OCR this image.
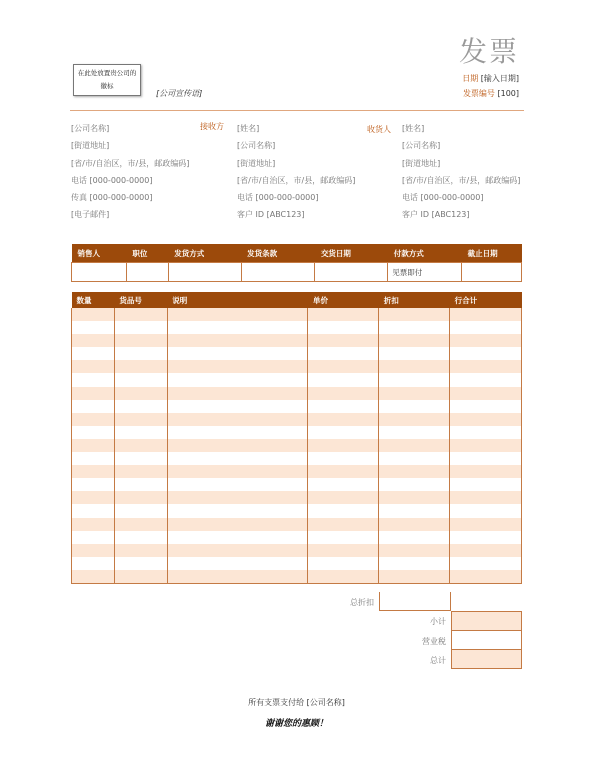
在此处放置贵公司的徽标
[公司宣传语]
发票
日期 [输入日期]
发票编号 [100]
[公司名称]
[街道地址]
[省/市/自治区，市/县，邮政编码]
电话 [000-000-0000]
传真 [000-000-0000]
[电子邮件]
接收方 [姓名]
[公司名称]
[街道地址]
[省/市/自治区，市/县，邮政编码]
电话 [000-000-0000]
客户 ID [ABC123]
收货人 [姓名]
[公司名称]
[街道地址]
[省/市/自治区，市/县，邮政编码]
电话 [000-000-0000]
客户 ID [ABC123]
销售人	职位	发货方式	发货条款	交货日期	付款方式	截止日期
					见票即付	
数量	货品号	说明	单价	折扣	行合计

总折扣
小计
营业税
总计
所有支票支付给 [公司名称]
谢谢您的惠顾！
